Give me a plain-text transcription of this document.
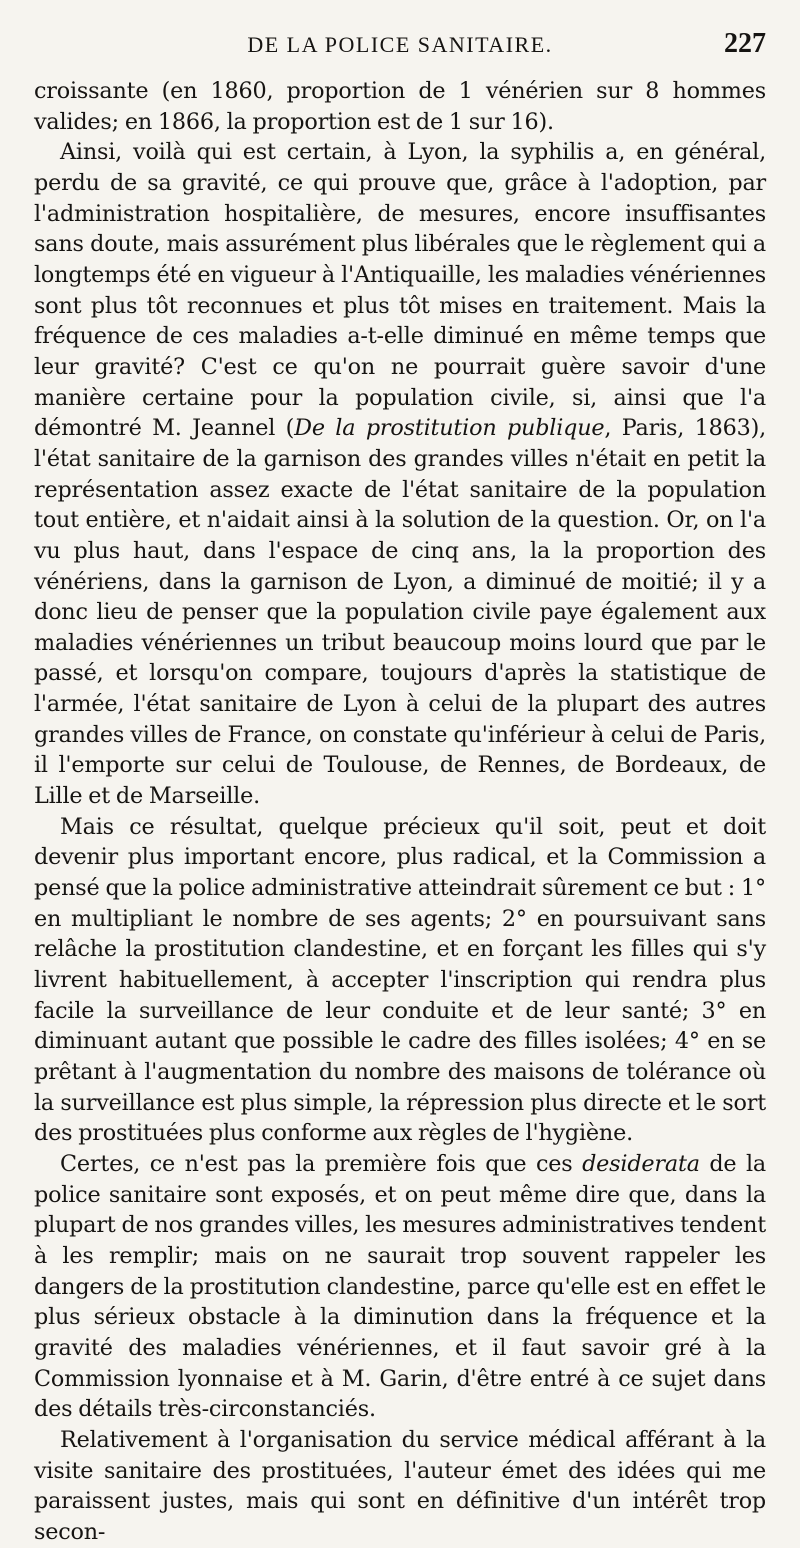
DE LA POLICE SANITAIRE.	227

croissante (en 1860, proportion de 1 vénérien sur 8 hommes valides; en 1866, la proportion est de 1 sur 16).

Ainsi, voilà qui est certain, à Lyon, la syphilis a, en général, perdu de sa gravité, ce qui prouve que, grâce à l'adoption, par l'administration hospitalière, de mesures, encore insuffisantes sans doute, mais assurément plus libérales que le règlement qui a longtemps été en vigueur à l'Antiquaille, les maladies vénériennes sont plus tôt reconnues et plus tôt mises en traitement. Mais la fréquence de ces maladies a-t-elle diminué en même temps que leur gravité? C'est ce qu'on ne pourrait guère savoir d'une manière certaine pour la population civile, si, ainsi que l'a démontré M. Jeannel (De la prostitution publique, Paris, 1863), l'état sanitaire de la garnison des grandes villes n'était en petit la représentation assez exacte de l'état sanitaire de la population tout entière, et n'aidait ainsi à la solution de la question. Or, on l'a vu plus haut, dans l'espace de cinq ans, la la proportion des vénériens, dans la garnison de Lyon, a diminué de moitié; il y a donc lieu de penser que la population civile paye également aux maladies vénériennes un tribut beaucoup moins lourd que par le passé, et lorsqu'on compare, toujours d'après la statistique de l'armée, l'état sanitaire de Lyon à celui de la plupart des autres grandes villes de France, on constate qu'inférieur à celui de Paris, il l'emporte sur celui de Toulouse, de Rennes, de Bordeaux, de Lille et de Marseille.

Mais ce résultat, quelque précieux qu'il soit, peut et doit devenir plus important encore, plus radical, et la Commission a pensé que la police administrative atteindrait sûrement ce but : 1° en multipliant le nombre de ses agents; 2° en poursuivant sans relâche la prostitution clandestine, et en forçant les filles qui s'y livrent habituellement, à accepter l'inscription qui rendra plus facile la surveillance de leur conduite et de leur santé; 3° en diminuant autant que possible le cadre des filles isolées; 4° en se prêtant à l'augmentation du nombre des maisons de tolérance où la surveillance est plus simple, la répression plus directe et le sort des prostituées plus conforme aux règles de l'hygiène.

Certes, ce n'est pas la première fois que ces desiderata de la police sanitaire sont exposés, et on peut même dire que, dans la plupart de nos grandes villes, les mesures administratives tendent à les remplir; mais on ne saurait trop souvent rappeler les dangers de la prostitution clandestine, parce qu'elle est en effet le plus sérieux obstacle à la diminution dans la fréquence et la gravité des maladies vénériennes, et il faut savoir gré à la Commission lyonnaise et à M. Garin, d'être entré à ce sujet dans des détails très-circonstanciés.

Relativement à l'organisation du service médical afférant à la visite sanitaire des prostituées, l'auteur émet des idées qui me paraissent justes, mais qui sont en définitive d'un intérêt trop secon-
